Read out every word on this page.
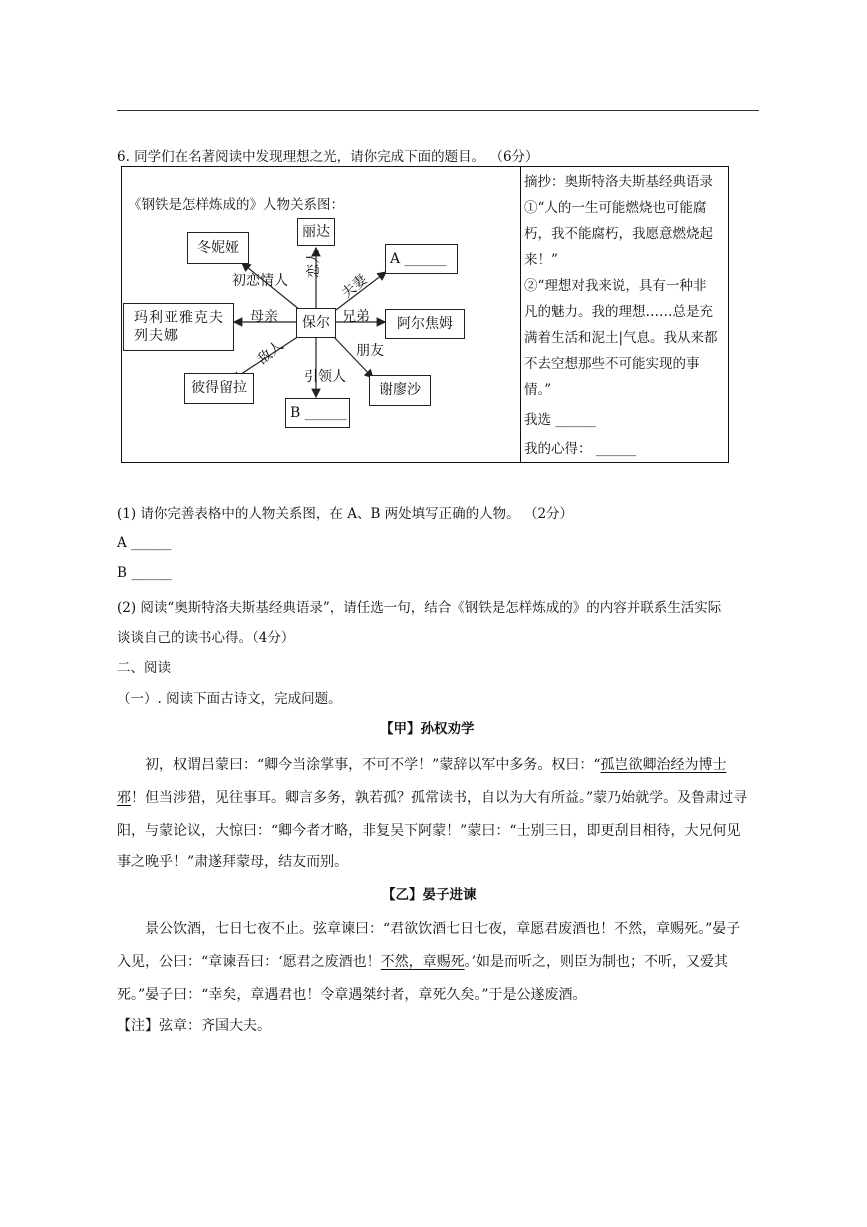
6. 同学们在名著阅读中发现理想之光，请你完成下面的题目。 （6分）
《钢铁是怎样炼成的》人物关系图：
冬妮娅
丽达
A ______
玛利亚雅克夫列夫娜
保尔	阿尔焦姆
彼得留拉
B ______
谢廖沙
初恋情人
恋人
夫妻
母亲	兄弟
敌人
引领人
朋友
摘抄：奥斯特洛夫斯基经典语录
①“人的一生可能燃烧也可能腐
朽，我不能腐朽，我愿意燃烧起
来！”
②“理想对我来说，具有一种非
凡的魅力。我的理想……总是充
满着生活和泥土|气息。我从来都
不去空想那些不可能实现的事
情。”
我选 ______
我的心得： ______
(1) 请你完善表格中的人物关系图，在 A、B 两处填写正确的人物。 （2分）
A ______
B ______
(2) 阅读“奥斯特洛夫斯基经典语录”，请任选一句，结合《钢铁是怎样炼成的》的内容并联系生活实际
谈谈自己的读书心得。（4分）
二、阅读
（一）. 阅读下面古诗文，完成问题。
【甲】孙权劝学
初，权谓吕蒙曰：“卿今当涂掌事，不可不学！”蒙辞以军中多务。权曰：“孤岂欲卿治经为博士
邪！但当涉猎，见往事耳。卿言多务，孰若孤？孤常读书，自以为大有所益。”蒙乃始就学。及鲁肃过寻
阳，与蒙论议，大惊曰：“卿今者才略，非复吴下阿蒙！”蒙曰：“士别三日，即更刮目相待，大兄何见
事之晚乎！”肃遂拜蒙母，结友而别。
【乙】晏子进谏
景公饮酒，七日七夜不止。弦章谏曰：“君欲饮酒七日七夜，章愿君废酒也！不然，章赐死。”晏子
入见，公曰：“章谏吾曰：‘愿君之废酒也！不然，章赐死。’如是而听之，则臣为制也；不听，又爱其
死。”晏子曰：“幸矣，章遇君也！令章遇桀纣者，章死久矣。”于是公遂废酒。
【注】弦章：齐国大夫。
